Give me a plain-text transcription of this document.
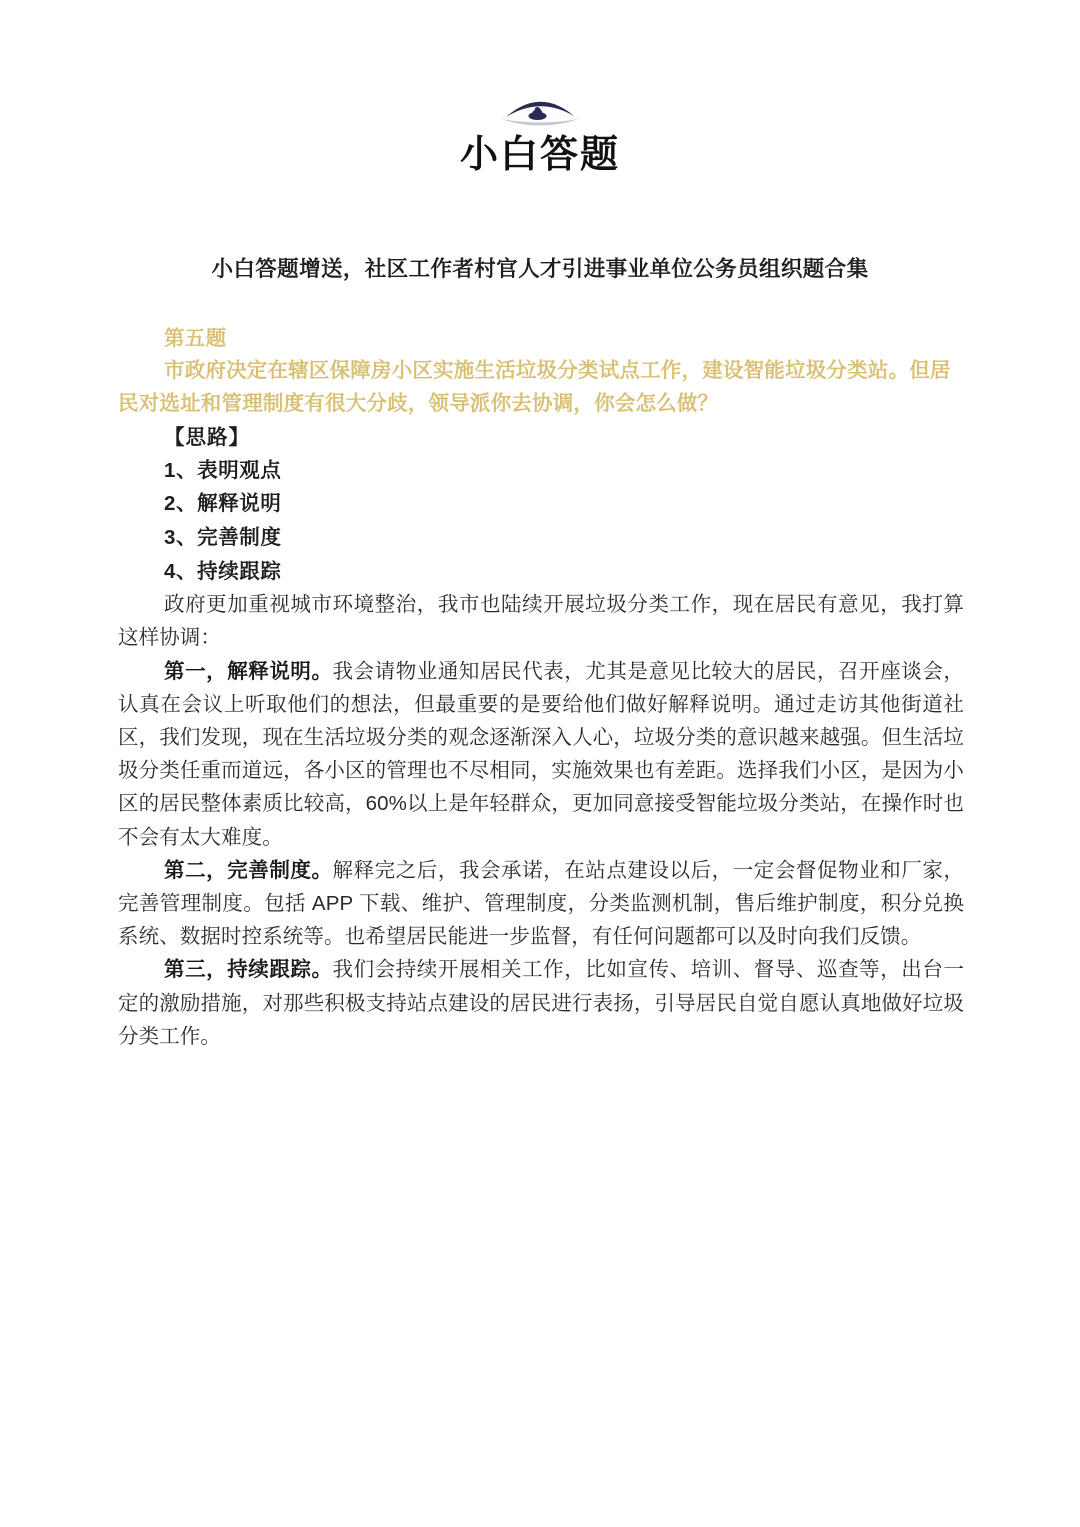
小白答题
小白答题增送，社区工作者村官人才引进事业单位公务员组织题合集
第五题
市政府决定在辖区保障房小区实施生活垃圾分类试点工作，建设智能垃圾分类站。但居民对选址和管理制度有很大分歧，领导派你去协调，你会怎么做？
【思路】
1、表明观点
2、解释说明
3、完善制度
4、持续跟踪

政府更加重视城市环境整治，我市也陆续开展垃圾分类工作，现在居民有意见，我打算这样协调：

第一，解释说明。我会请物业通知居民代表，尤其是意见比较大的居民，召开座谈会，认真在会议上听取他们的想法，但最重要的是要给他们做好解释说明。通过走访其他街道社区，我们发现，现在生活垃圾分类的观念逐渐深入人心，垃圾分类的意识越来越强。但生活垃圾分类任重而道远，各小区的管理也不尽相同，实施效果也有差距。选择我们小区，是因为小区的居民整体素质比较高，60%以上是年轻群众，更加同意接受智能垃圾分类站，在操作时也不会有太大难度。

第二，完善制度。解释完之后，我会承诺，在站点建设以后，一定会督促物业和厂家，完善管理制度。包括 APP 下载、维护、管理制度，分类监测机制，售后维护制度，积分兑换系统、数据时控系统等。也希望居民能进一步监督，有任何问题都可以及时向我们反馈。

第三，持续跟踪。我们会持续开展相关工作，比如宣传、培训、督导、巡查等，出台一定的激励措施，对那些积极支持站点建设的居民进行表扬，引导居民自觉自愿认真地做好垃圾分类工作。
